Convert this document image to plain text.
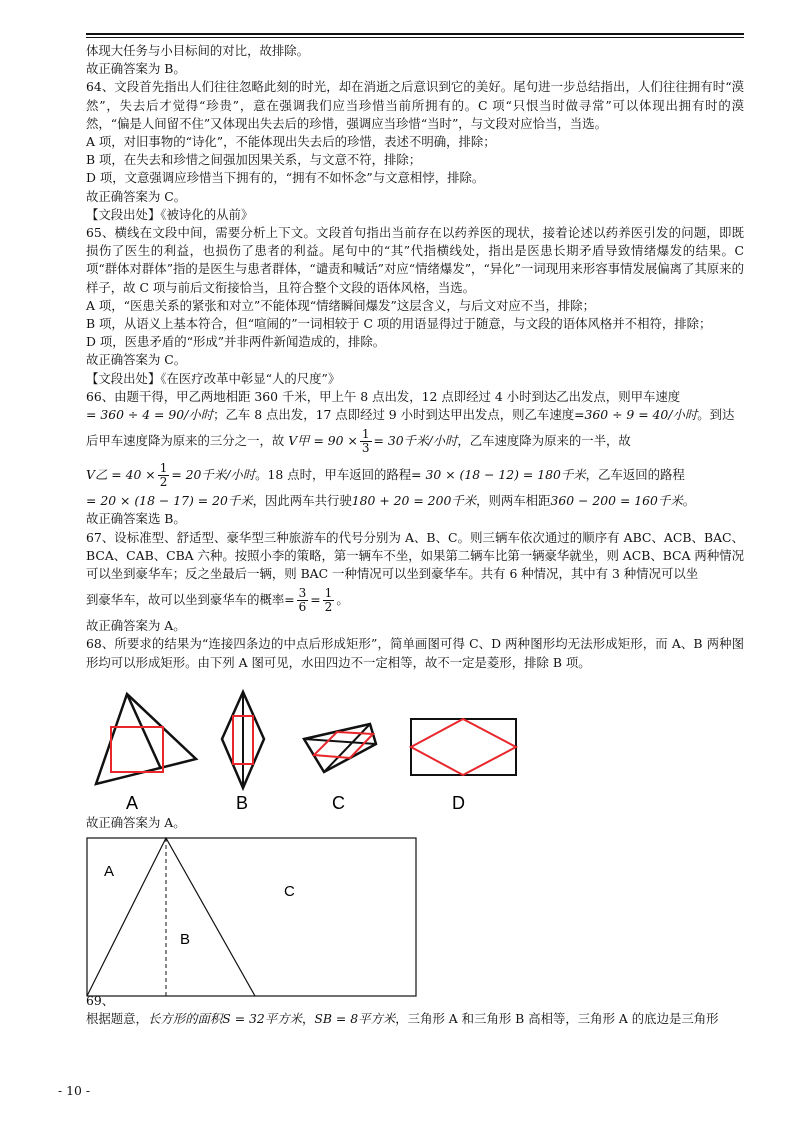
体现大任务与小目标间的对比，故排除。

故正确答案为 B。

64、文段首先指出人们往往忽略此刻的时光，却在消逝之后意识到它的美好。尾句进一步总结指出，人们往往拥有时“漠然”，失去后才觉得“珍贵”，意在强调我们应当珍惜当前所拥有的。C 项“只恨当时做寻常”可以体现出拥有时的漠然，“偏是人间留不住”又体现出失去后的珍惜，强调应当珍惜“当时”，与文段对应恰当，当选。

A 项，对旧事物的“诗化”，不能体现出失去后的珍惜，表述不明确，排除；

B 项，在失去和珍惜之间强加因果关系，与文意不符，排除；

D 项，文意强调应珍惜当下拥有的，“拥有不如怀念”与文意相悖，排除。

故正确答案为 C。

【文段出处】《被诗化的从前》

65、横线在文段中间，需要分析上下文。文段首句指出当前存在以药养医的现状，接着论述以药养医引发的问题，即既损伤了医生的利益，也损伤了患者的利益。尾句中的“其”代指横线处，指出是医患长期矛盾导致情绪爆发的结果。C 项“群体对群体”指的是医生与患者群体，“谴责和喊话”对应“情绪爆发”，“异化”一词现用来形容事情发展偏离了其原来的样子，故 C 项与前后文衔接恰当，且符合整个文段的语体风格，当选。

A 项，“医患关系的紧张和对立”不能体现“情绪瞬间爆发”这层含义，与后文对应不当，排除；

B 项，从语义上基本符合，但“喧闹的”一词相较于 C 项的用语显得过于随意，与文段的语体风格并不相符，排除；

D 项，医患矛盾的“形成”并非两件新闻造成的，排除。

故正确答案为 C。

【文段出处】《在医疗改革中彰显“人的尺度”》

66、由题干得，甲乙两地相距 360 千米，甲上午 8 点出发，12 点即经过 4 小时到达乙出发点，则甲车速度

= 360 ÷ 4 = 90/小时；乙车 8 点出发，17 点即经过 9 小时到达甲出发点，则乙车速度=360 ÷ 9 = 40/小时。到达

后甲车速度降为原来的三分之一，故 V甲 = $90 \times \frac{1}{3} = 30$千米/小时，乙车速度降为原来的一半，故

V乙 = $40 \times \frac{1}{2} = 20$千米/小时。18 点时，甲车返回的路程= 30 × (18 − 12) = 180千米，乙车返回的路程

= 20 × (18 − 17) = 20千米，因此两车共行驶180 + 20 = 200千米，则两车相距360 − 200 = 160千米。

故正确答案选 B。

67、设标准型、舒适型、豪华型三种旅游车的代号分别为 A、B、C。则三辆车依次通过的顺序有 ABC、ACB、BAC、BCA、CAB、CBA 六种。按照小李的策略，第一辆车不坐，如果第二辆车比第一辆豪华就坐，则 ACB、BCA 两种情况可以坐到豪华车；反之坐最后一辆，则 BAC 一种情况可以坐到豪华车。共有 6 种情况，其中有 3 种情况可以坐

到豪华车，故可以坐到豪华车的概率= $\frac{3}{6} = \frac{1}{2}$ 。

故正确答案为 A。

68、所要求的结果为“连接四条边的中点后形成矩形”，简单画图可得 C、D 两种图形均无法形成矩形，而 A、B 两种图形均可以形成矩形。由下列 A 图可见，水田四边不一定相等，故不一定是菱形，排除 B 项。

A	B	C	D

故正确答案为 A。

A
B
C
69、

根据题意，长方形的面积S = 32平方米，SB = 8平方米，三角形 A 和三角形 B 高相等，三角形 A 的底边是三角形

- 10 -
